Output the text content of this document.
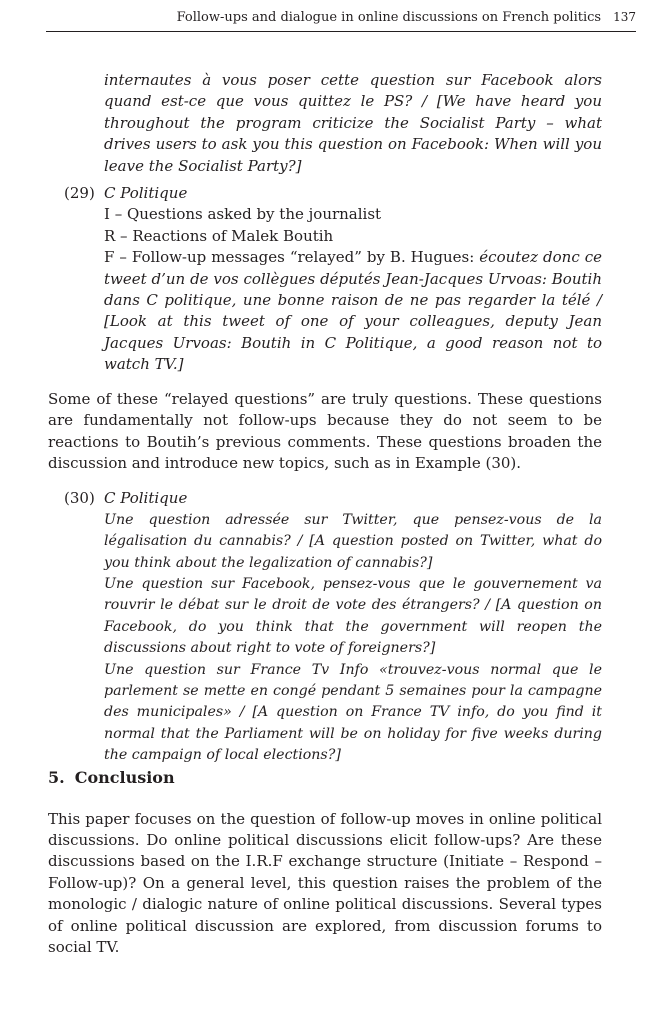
Follow-ups and dialogue in online discussions on French politics 137

internautes à vous poser cette question sur Facebook alors quand est-ce que vous quittez le PS? / [We have heard you throughout the program criticize the Socialist Party – what drives users to ask you this question on Facebook: When will you leave the Socialist Party?]

(29) C Politique

I – Questions asked by the journalist

R – Reactions of Malek Boutih

F – Follow-up messages “relayed” by B. Hugues: écoutez donc ce tweet d’un de vos collègues députés Jean-Jacques Urvoas: Boutih dans C politique, une bonne raison de ne pas regarder la télé / [Look at this tweet of one of your colleagues, deputy Jean Jacques Urvoas: Boutih in C Politique, a good reason not to watch TV.]

Some of these “relayed questions” are truly questions. These questions are fundamentally not follow-ups because they do not seem to be reactions to Boutih’s previous comments. These questions broaden the discussion and introduce new topics, such as in Example (30).

(30) C Politique

Une question adressée sur Twitter, que pensez-vous de la légalisation du cannabis? / [A question posted on Twitter, what do you think about the legalization of cannabis?]

Une question sur Facebook, pensez-vous que le gouvernement va rouvrir le débat sur le droit de vote des étrangers? / [A question on Facebook, do you think that the government will reopen the discussions about right to vote of foreigners?]

Une question sur France Tv Info «trouvez-vous normal que le parlement se mette en congé pendant 5 semaines pour la campagne des municipales» / [A question on France TV info, do you find it normal that the Parliament will be on holiday for five weeks during the campaign of local elections?]

5. Conclusion

This paper focuses on the question of follow-up moves in online political discussions. Do online political discussions elicit follow-ups? Are these discussions based on the I.R.F exchange structure (Initiate – Respond – Follow-up)? On a general level, this question raises the problem of the monologic / dialogic nature of online political discussions. Several types of online political discussion are explored, from discussion forums to social TV.
